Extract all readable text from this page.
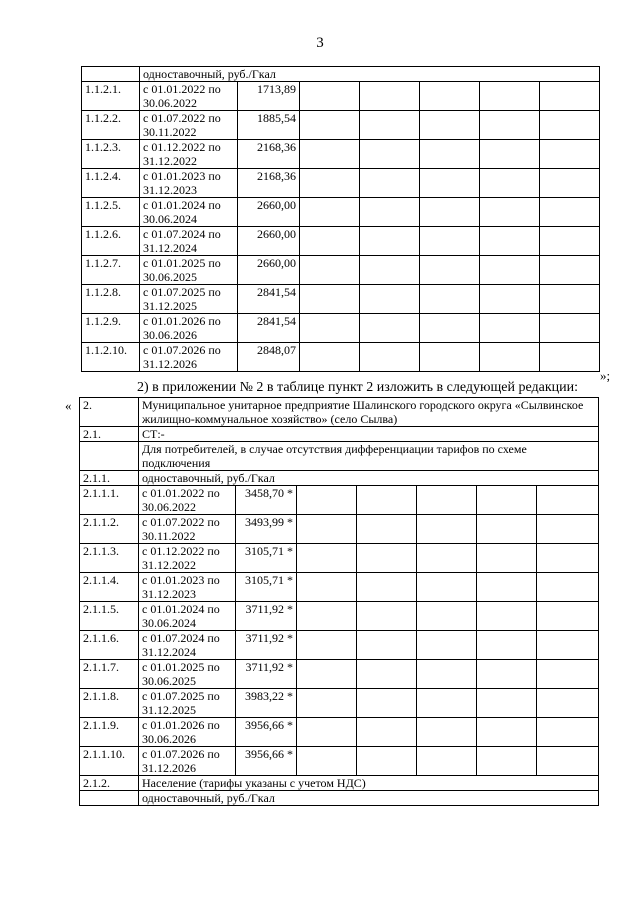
3
	одноставочный, руб./Гкал						
1.1.2.1.	с 01.01.2022 по 30.06.2022	1713,89					
1.1.2.2.	с 01.07.2022 по 30.11.2022	1885,54					
1.1.2.3.	с 01.12.2022 по 31.12.2022	2168,36					
1.1.2.4.	с 01.01.2023 по 31.12.2023	2168,36					
1.1.2.5.	с 01.01.2024 по 30.06.2024	2660,00					
1.1.2.6.	с 01.07.2024 по 31.12.2024	2660,00					
1.1.2.7.	с 01.01.2025 по 30.06.2025	2660,00					
1.1.2.8.	с 01.07.2025 по 31.12.2025	2841,54					
1.1.2.9.	с 01.01.2026 по 30.06.2026	2841,54					
1.1.2.10.	с 01.07.2026 по 31.12.2026	2848,07					
»;
2) в приложении № 2 в таблице пункт 2 изложить в следующей редакции:
« 2.	Муниципальное унитарное предприятие Шалинского городского округа «Сылвинское жилищно-коммунальное хозяйство» (село Сылва)						
2.1.	СТ:-						
	Для потребителей, в случае отсутствия дифференциации тарифов по схеме подключения						
2.1.1.	одноставочный, руб./Гкал						
2.1.1.1.	с 01.01.2022 по 30.06.2022	3458,70 *					
2.1.1.2.	с 01.07.2022 по 30.11.2022	3493,99 *					
2.1.1.3.	с 01.12.2022 по 31.12.2022	3105,71 *					
2.1.1.4.	с 01.01.2023 по 31.12.2023	3105,71 *					
2.1.1.5.	с 01.01.2024 по 30.06.2024	3711,92 *					
2.1.1.6.	с 01.07.2024 по 31.12.2024	3711,92 *					
2.1.1.7.	с 01.01.2025 по 30.06.2025	3711,92 *					
2.1.1.8.	с 01.07.2025 по 31.12.2025	3983,22 *					
2.1.1.9.	с 01.01.2026 по 30.06.2026	3956,66 *					
2.1.1.10.	с 01.07.2026 по 31.12.2026	3956,66 *					
2.1.2.	Население (тарифы указаны с учетом НДС)						
	одноставочный, руб./Гкал						
